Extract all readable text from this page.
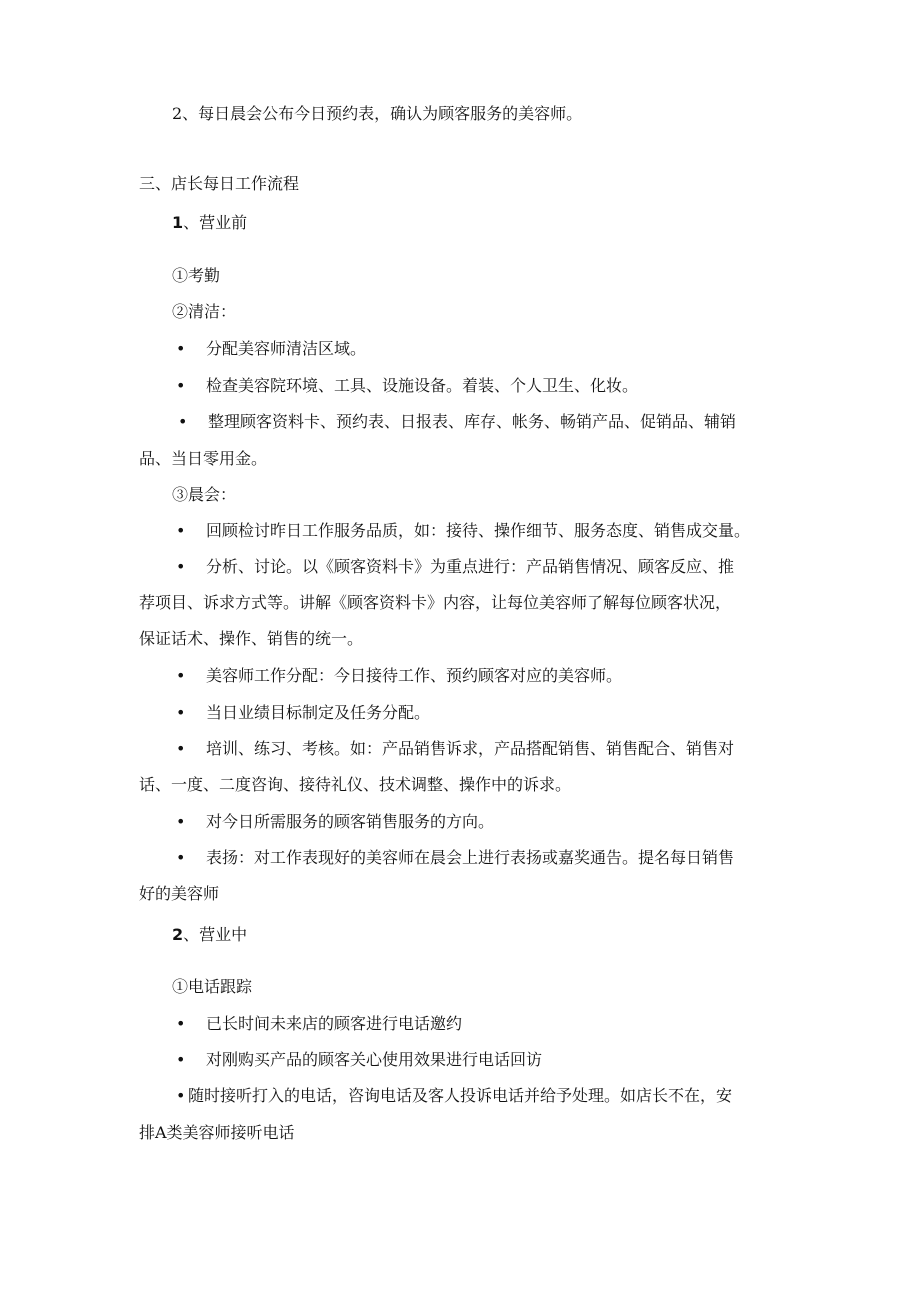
2、每日晨会公布今日预约表，确认为顾客服务的美容师。

三、店长每日工作流程

1、营业前

①考勤

②清洁：

• 分配美容师清洁区域。

• 检查美容院环境、工具、设施设备。着装、个人卫生、化妆。

• 整理顾客资料卡、预约表、日报表、库存、帐务、畅销产品、促销品、辅销

品、当日零用金。

③晨会：

• 回顾检讨昨日工作服务品质，如：接待、操作细节、服务态度、销售成交量。

• 分析、讨论。以《顾客资料卡》为重点进行：产品销售情况、顾客反应、推

荐项目、诉求方式等。讲解《顾客资料卡》内容，让每位美容师了解每位顾客状况，

保证话术、操作、销售的统一。

• 美容师工作分配：今日接待工作、预约顾客对应的美容师。

• 当日业绩目标制定及任务分配。

• 培训、练习、考核。如：产品销售诉求，产品搭配销售、销售配合、销售对

话、一度、二度咨询、接待礼仪、技术调整、操作中的诉求。

• 对今日所需服务的顾客销售服务的方向。

• 表扬：对工作表现好的美容师在晨会上进行表扬或嘉奖通告。提名每日销售

好的美容师

2、营业中

①电话跟踪

• 已长时间未来店的顾客进行电话邀约

• 对刚购买产品的顾客关心使用效果进行电话回访

• 随时接听打入的电话，咨询电话及客人投诉电话并给予处理。如店长不在，安

排A类美容师接听电话
